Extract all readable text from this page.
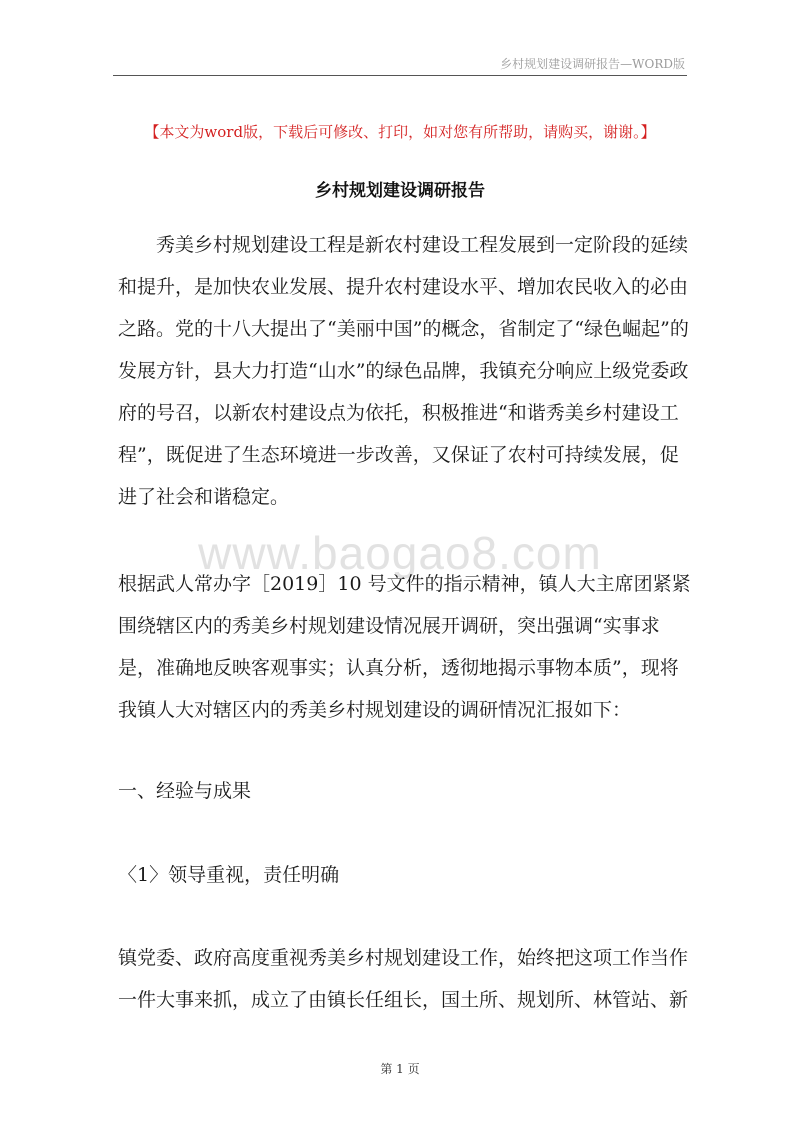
乡村规划建设调研报告—WORD版
【本文为word版，下载后可修改、打印，如对您有所帮助，请购买，谢谢。】
乡村规划建设调研报告
秀美乡村规划建设工程是新农村建设工程发展到一定阶段的延续和提升，是加快农业发展、提升农村建设水平、增加农民收入的必由之路。党的十八大提出了“美丽中国”的概念，省制定了“绿色崛起”的发展方针，县大力打造“山水”的绿色品牌，我镇充分响应上级党委政府的号召，以新农村建设点为依托，积极推进“和谐秀美乡村建设工程”，既促进了生态环境进一步改善，又保证了农村可持续发展，促进了社会和谐稳定。
www.baogao8.com
根据武人常办字［2019］10 号文件的指示精神，镇人大主席团紧紧围绕辖区内的秀美乡村规划建设情况展开调研，突出强调“实事求是，准确地反映客观事实；认真分析，透彻地揭示事物本质”，现将我镇人大对辖区内的秀美乡村规划建设的调研情况汇报如下：
一、经验与成果
〈1〉领导重视，责任明确
镇党委、政府高度重视秀美乡村规划建设工作，始终把这项工作当作一件大事来抓，成立了由镇长任组长，国土所、规划所、林管站、新
第 1 页
